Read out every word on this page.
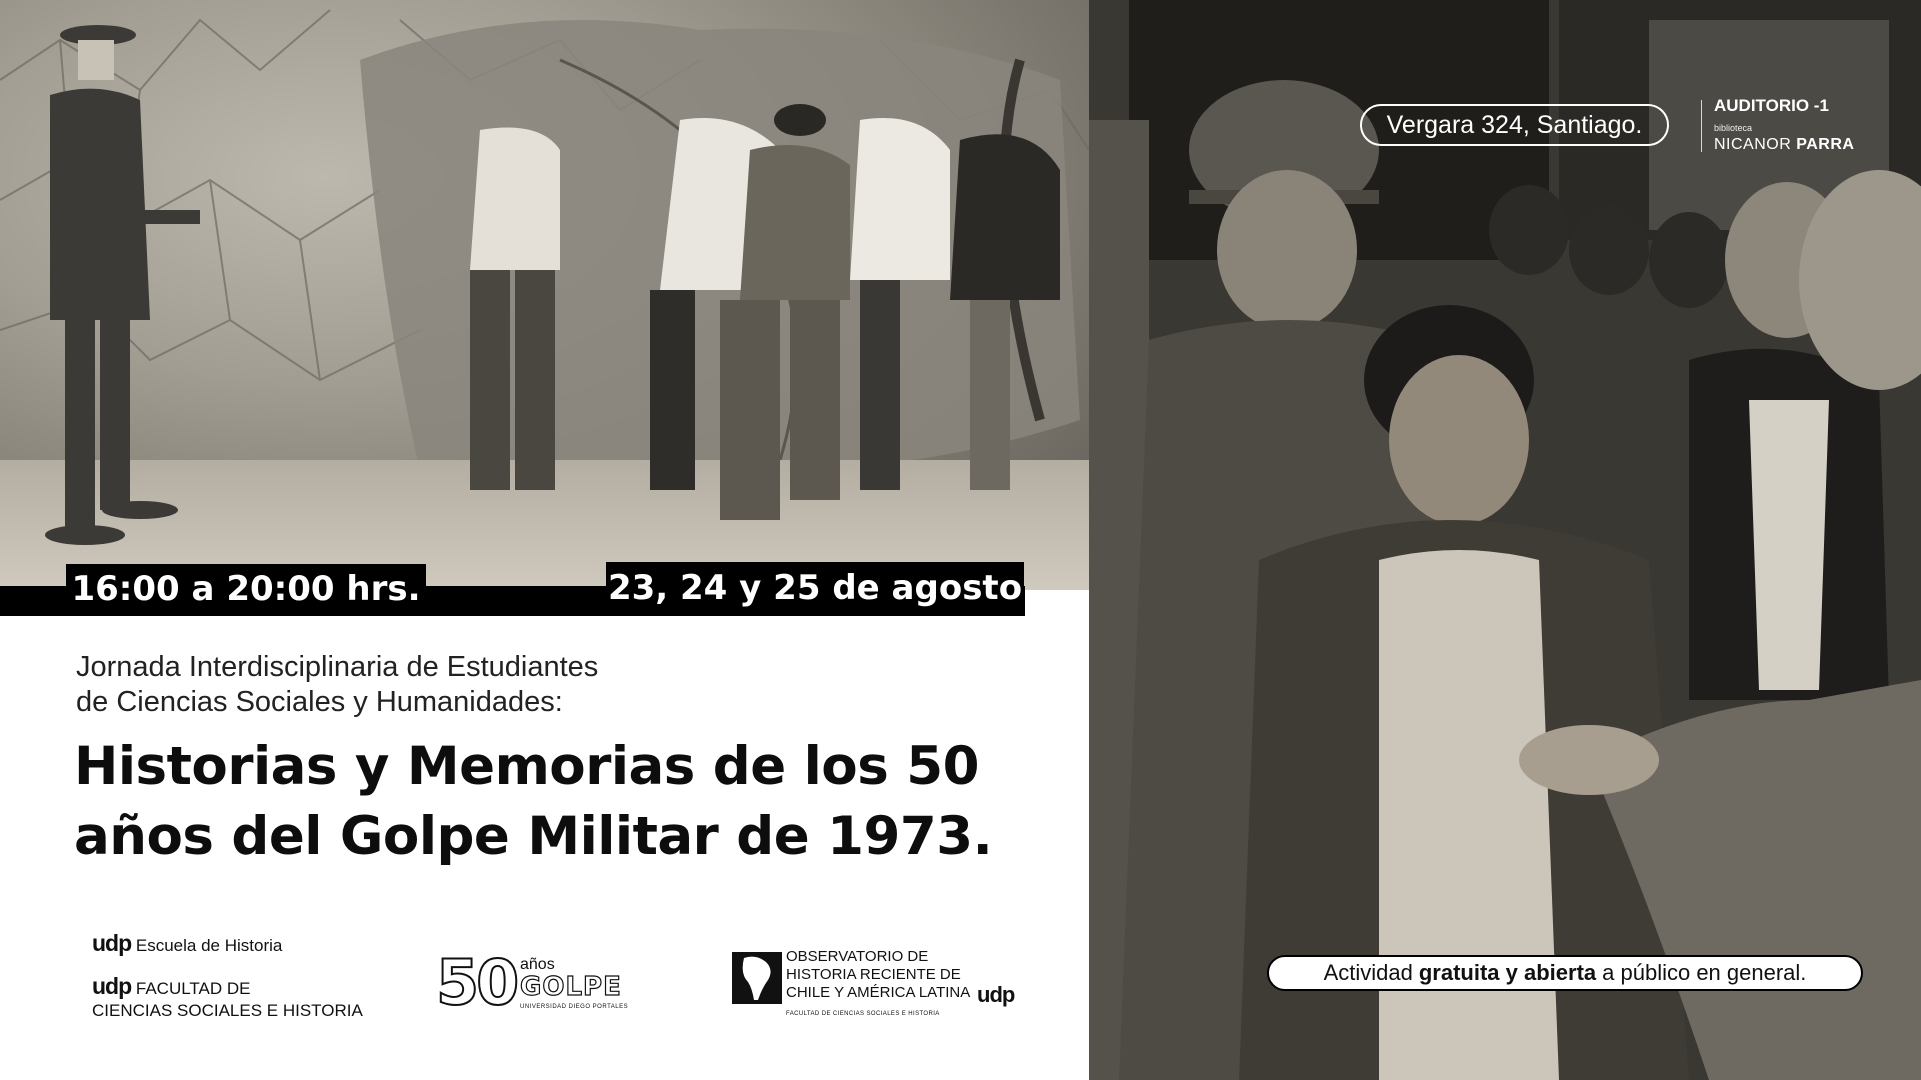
16:00 a 20:00 hrs.	23, 24 y 25 de agosto
Jornada Interdisciplinaria de Estudiantes
de Ciencias Sociales y Humanidades:
Historias y Memorias de los 50
años del Golpe Militar de 1973.
udp Escuela de Historia
udp FACULTAD DE
CIENCIAS SOCIALES E HISTORIA 50 años
GOLPE
UNIVERSIDAD DIEGO PORTALES
OBSERVATORIO DE
HISTORIA RECIENTE DE
CHILE Y AMÉRICA LATINA udp
FACULTAD DE CIENCIAS SOCIALES E HISTORIA
Vergara 324, Santiago.
AUDITORIO -1
biblioteca
NICANOR PARRA
Actividad gratuita y abierta a público en general.
